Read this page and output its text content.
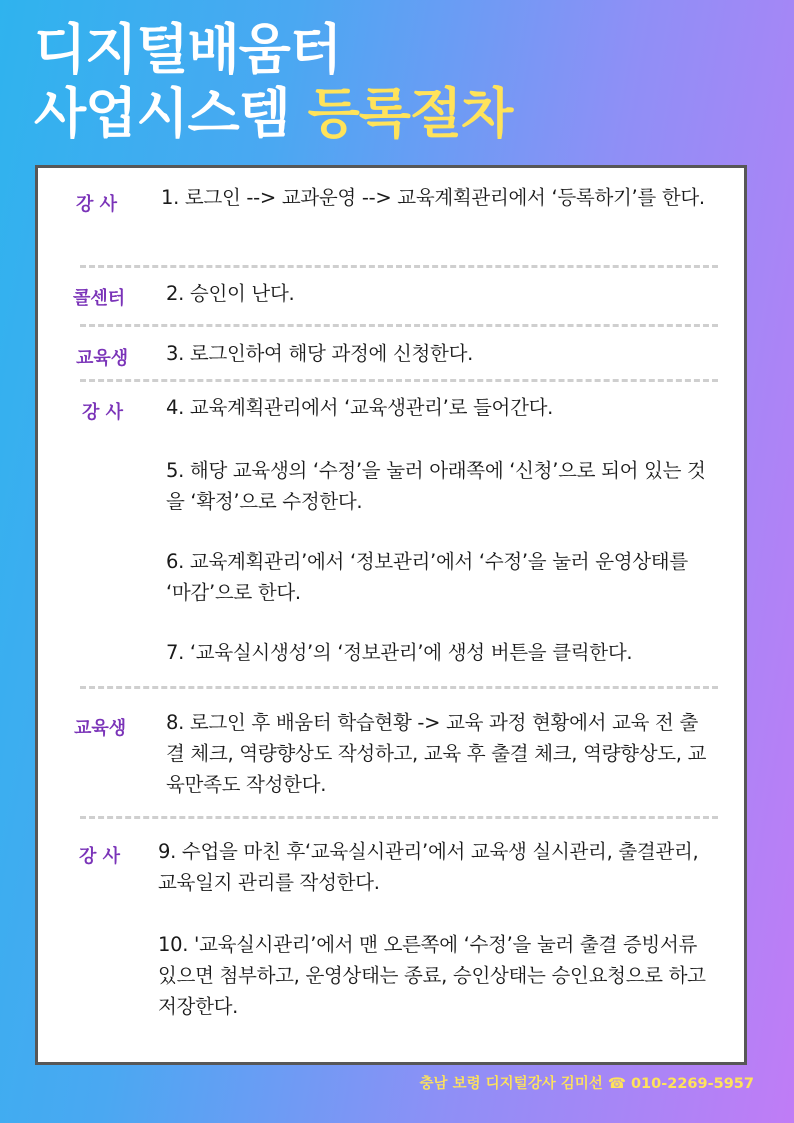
디지털배움터
사업시스템 등록절차
강 사 1. 로그인 --> 교과운영 --> 교육계획관리에서 ‘등록하기’를 한다.

콜센터 2. 승인이 난다.

교육생 3. 로그인하여 해당 과정에 신청한다.

강 사 4. 교육계획관리에서 ‘교육생관리’로 들어간다.

5. 해당 교육생의 ‘수정’을 눌러 아래쪽에 ‘신청’으로 되어 있는 것을 ‘확정’으로 수정한다.

6. 교육계획관리’에서 ‘정보관리’에서 ‘수정’을 눌러 운영상태를 ‘마감’으로 한다.

7. ‘교육실시생성’의 ‘정보관리’에 생성 버튼을 클릭한다.

교육생 8. 로그인 후 배움터 학습현황 -> 교육 과정 현황에서 교육 전 출결 체크, 역량향상도 작성하고, 교육 후 출결 체크, 역량향상도, 교육만족도 작성한다.

강 사 9. 수업을 마친 후‘교육실시관리’에서 교육생 실시관리, 출결관리, 교육일지 관리를 작성한다.

10. '교육실시관리’에서 맨 오른쪽에 ‘수정’을 눌러 출결 증빙서류 있으면 첨부하고, 운영상태는 종료, 승인상태는 승인요청으로 하고 저장한다.

충남 보령 디지털강사 김미선 ☎ 010-2269-5957
